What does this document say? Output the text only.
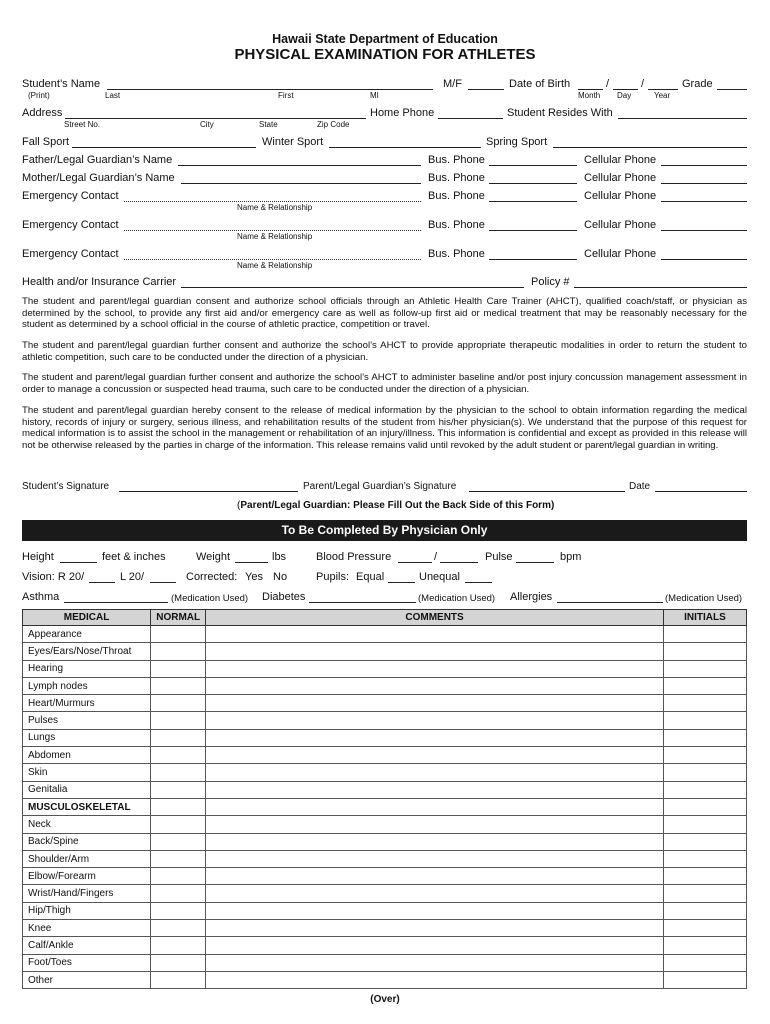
Hawaii State Department of Education
PHYSICAL EXAMINATION FOR ATHLETES
Student’s Name	M/F	Date of Birth	/	/	Grade
(Print)	Last	First	MI	Month Day	Year
Address	Home Phone	Student Resides With
Street No.	City	State	Zip Code
Fall Sport	Winter Sport	Spring Sport
Father/Legal Guardian’s Name	Bus. Phone	Cellular Phone
Mother/Legal Guardian’s Name	Bus. Phone	Cellular Phone
Emergency Contact	Bus. Phone	Cellular Phone
Name & Relationship
Emergency Contact	Bus. Phone	Cellular Phone
Name & Relationship
Emergency Contact	Bus. Phone	Cellular Phone
Name & Relationship
Health and/or Insurance Carrier	Policy #
The student and parent/legal guardian consent and authorize school officials through an Athletic Health Care Trainer (AHCT), qualified coach/staff, or physician as determined by the school, to provide any first aid and/or emergency care as well as follow-up first aid or medical treatment that may be reasonably necessary for the student as determined by a school official in the course of athletic practice, competition or travel.
The student and parent/legal guardian further consent and authorize the school’s AHCT to provide appropriate therapeutic modalities in order to return the student to athletic competition, such care to be conducted under the direction of a physician.
The student and parent/legal guardian further consent and authorize the school’s AHCT to administer baseline and/or post injury concussion management assessment in order to manage a concussion or suspected head trauma, such care to be conducted under the direction of a physician.
The student and parent/legal guardian hereby consent to the release of medical information by the physician to the school to obtain information regarding the medical history, records of injury or surgery, serious illness, and rehabilitation results of the student from his/her physician(s). We understand that the purpose of this request for medical information is to assist the school in the management or rehabilitation of an injury/illness. This information is confidential and except as provided in this release will not be otherwise released by the parties in charge of the information. This release remains valid until revoked by the adult student or parent/legal guardian in writing.
Student’s Signature	Parent/Legal Guardian’s Signature	Date
(Parent/Legal Guardian: Please Fill Out the Back Side of this Form)
To Be Completed By Physician Only
Height	feet & inches	Weight	lbs	Blood Pressure	/	Pulse	bpm
Vision: R 20/	L 20/	Corrected: Yes No	Pupils: Equal	Unequal
Asthma	(Medication Used) Diabetes	(Medication Used) Allergies	(Medication Used)
MEDICAL	NORMAL	COMMENTS	INITIALS
Appearance			
Eyes/Ears/Nose/Throat			
Hearing			
Lymph nodes			
Heart/Murmurs			
Pulses			
Lungs			
Abdomen			
Skin			
Genitalia			
MUSCULOSKELETAL			
Neck			
Back/Spine			
Shoulder/Arm			
Elbow/Forearm			
Wrist/Hand/Fingers			
Hip/Thigh			
Knee			
Calf/Ankle			
Foot/Toes			
Other			
(Over)
